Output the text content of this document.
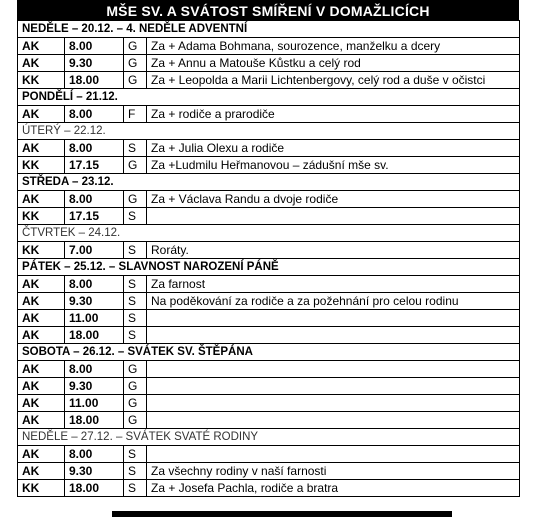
MŠE SV. A SVÁTOST SMÍŘENÍ V DOMAŽLICÍCH
NEDĚLE – 20.12. – 4. NEDĚLE ADVENTNÍ			
AK	8.00	G	Za + Adama Bohmana, sourozence, manželku a dcery
AK	9.30	G	Za + Annu a Matouše Kůstku a celý rod
KK	18.00	G	Za + Leopolda a Marii Lichtenbergovy, celý rod a duše v očistci
PONDĚLÍ – 21.12.			
AK	8.00	F	Za + rodiče a prarodiče
ÚTERÝ – 22.12.			
AK	8.00	S	Za + Julia Olexu a rodiče
KK	17.15	G	Za +Ludmilu Heřmanovou – zádušní mše sv.
STŘEDA – 23.12.			
AK	8.00	G	Za + Václava Randu a dvoje rodiče
KK	17.15	S	
ČTVRTEK – 24.12.			
KK	7.00	S	Roráty.
PÁTEK – 25.12. – SLAVNOST NAROZENÍ PÁNĚ			
AK	8.00	S	Za farnost
AK	9.30	S	Na poděkování za rodiče a za požehnání pro celou rodinu
AK	11.00	S	
AK	18.00	S	
SOBOTA – 26.12. – SVÁTEK SV. ŠTĚPÁNA			
AK	8.00	G	
AK	9.30	G	
AK	11.00	G	
AK	18.00	G	
NEDĚLE – 27.12. – SVÁTEK SVATÉ RODINY			
AK	8.00	S	
AK	9.30	S	Za všechny rodiny v naší farnosti
KK	18.00	S	Za + Josefa Pachla, rodiče a bratra
